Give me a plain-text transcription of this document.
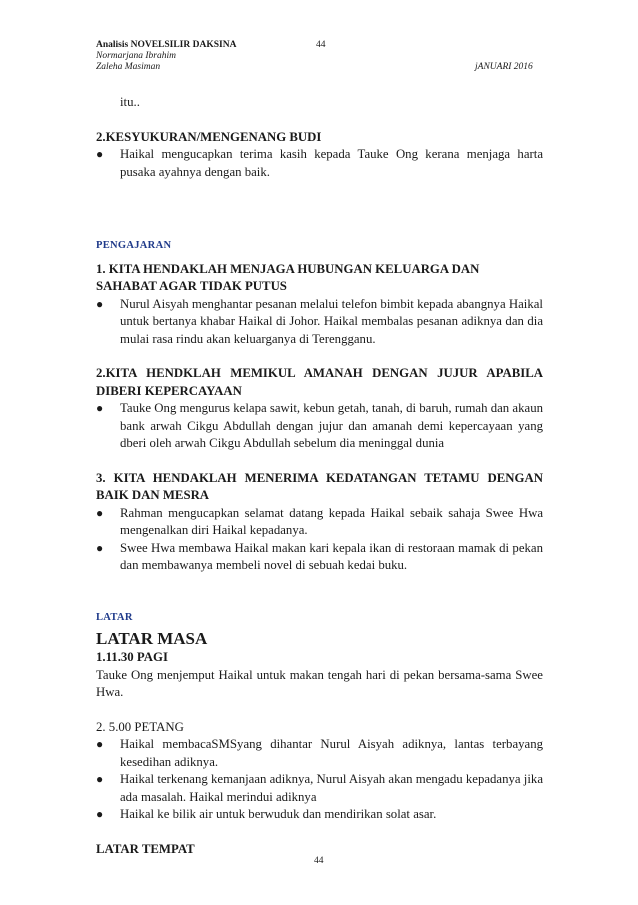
Analisis NOVELSILIR DAKSINA	44
Normarjana Ibrahim
Zaleha Masiman	jANUARI 2016

itu..

2.KESYUKURAN/MENGENANG BUDI

● Haikal mengucapkan terima kasih kepada Tauke Ong kerana menjaga harta pusaka ayahnya dengan baik.

PENGAJARAN

1. KITA HENDAKLAH MENJAGA HUBUNGAN KELUARGA DAN SAHABAT AGAR TIDAK PUTUS

● Nurul Aisyah menghantar pesanan melalui telefon bimbit kepada abangnya Haikal untuk bertanya khabar Haikal di Johor. Haikal membalas pesanan adiknya dan dia mulai rasa rindu akan keluarganya di Terengganu.

2.KITA HENDKLAH MEMIKUL AMANAH DENGAN JUJUR APABILA DIBERI KEPERCAYAAN

● Tauke Ong mengurus kelapa sawit, kebun getah, tanah, di baruh, rumah dan akaun bank arwah Cikgu Abdullah dengan jujur dan amanah demi kepercayaan yang dberi oleh arwah Cikgu Abdullah sebelum dia meninggal dunia

3. KITA HENDAKLAH MENERIMA KEDATANGAN TETAMU DENGAN BAIK DAN MESRA

● Rahman mengucapkan selamat datang kepada Haikal sebaik sahaja Swee Hwa mengenalkan diri Haikal kepadanya.
● Swee Hwa membawa Haikal makan kari kepala ikan di restoraan mamak di pekan dan membawanya membeli novel di sebuah kedai buku.

LATAR

LATAR MASA

1.11.30 PAGI

Tauke Ong menjemput Haikal untuk makan tengah hari di pekan bersama-sama Swee Hwa.

2. 5.00 PETANG

● Haikal membacaSMSyang dihantar Nurul Aisyah adiknya, lantas terbayang kesedihan adiknya.
● Haikal terkenang kemanjaan adiknya, Nurul Aisyah akan mengadu kepadanya jika ada masalah. Haikal merindui adiknya
● Haikal ke bilik air untuk berwuduk dan mendirikan solat asar.

LATAR TEMPAT

44
